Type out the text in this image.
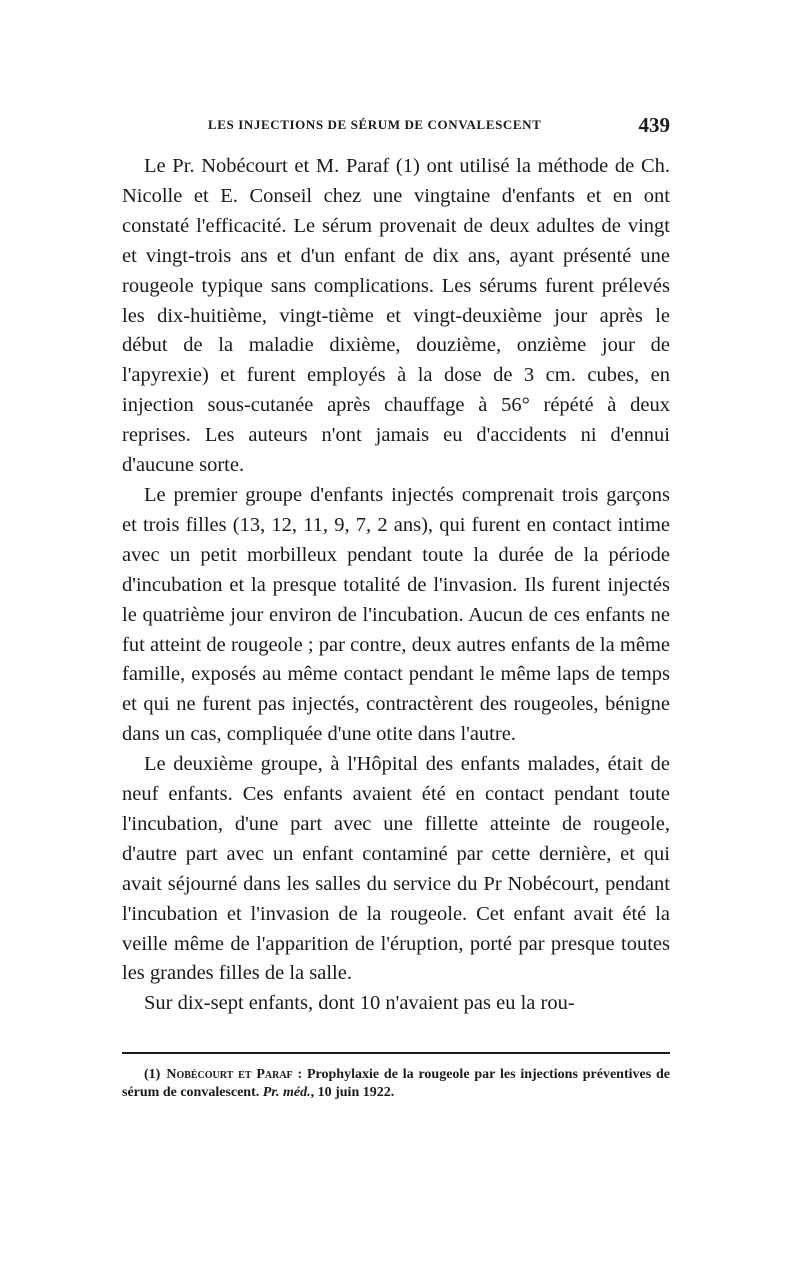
LES INJECTIONS DE SÉRUM DE CONVALESCENT	439

Le Pr. Nobécourt et M. Paraf (1) ont utilisé la méthode de Ch. Nicolle et E. Conseil chez une vingtaine d'enfants et en ont constaté l'efficacité. Le sérum provenait de deux adultes de vingt et vingt-trois ans et d'un enfant de dix ans, ayant présenté une rougeole typique sans complications. Les sérums furent prélevés les dix-huitième, vingt-tième et vingt-deuxième jour après le début de la maladie dixième, douzième, onzième jour de l'apyrexie) et furent employés à la dose de 3 cm. cubes, en injection sous-cutanée après chauffage à 56° répété à deux reprises. Les auteurs n'ont jamais eu d'accidents ni d'ennui d'aucune sorte.

Le premier groupe d'enfants injectés comprenait trois garçons et trois filles (13, 12, 11, 9, 7, 2 ans), qui furent en contact intime avec un petit morbilleux pendant toute la durée de la période d'incubation et la presque totalité de l'invasion. Ils furent injectés le quatrième jour environ de l'incubation. Aucun de ces enfants ne fut atteint de rougeole ; par contre, deux autres enfants de la même famille, exposés au même contact pendant le même laps de temps et qui ne furent pas injectés, contractèrent des rougeoles, bénigne dans un cas, compliquée d'une otite dans l'autre.

Le deuxième groupe, à l'Hôpital des enfants malades, était de neuf enfants. Ces enfants avaient été en contact pendant toute l'incubation, d'une part avec une fillette atteinte de rougeole, d'autre part avec un enfant contaminé par cette dernière, et qui avait séjourné dans les salles du service du Pr Nobécourt, pendant l'incubation et l'invasion de la rougeole. Cet enfant avait été la veille même de l'apparition de l'éruption, porté par presque toutes les grandes filles de la salle.

Sur dix-sept enfants, dont 10 n'avaient pas eu la rou-

(1) Nobécourt et Paraf : Prophylaxie de la rougeole par les injections préventives de sérum de convalescent. Pr. méd., 10 juin 1922.
